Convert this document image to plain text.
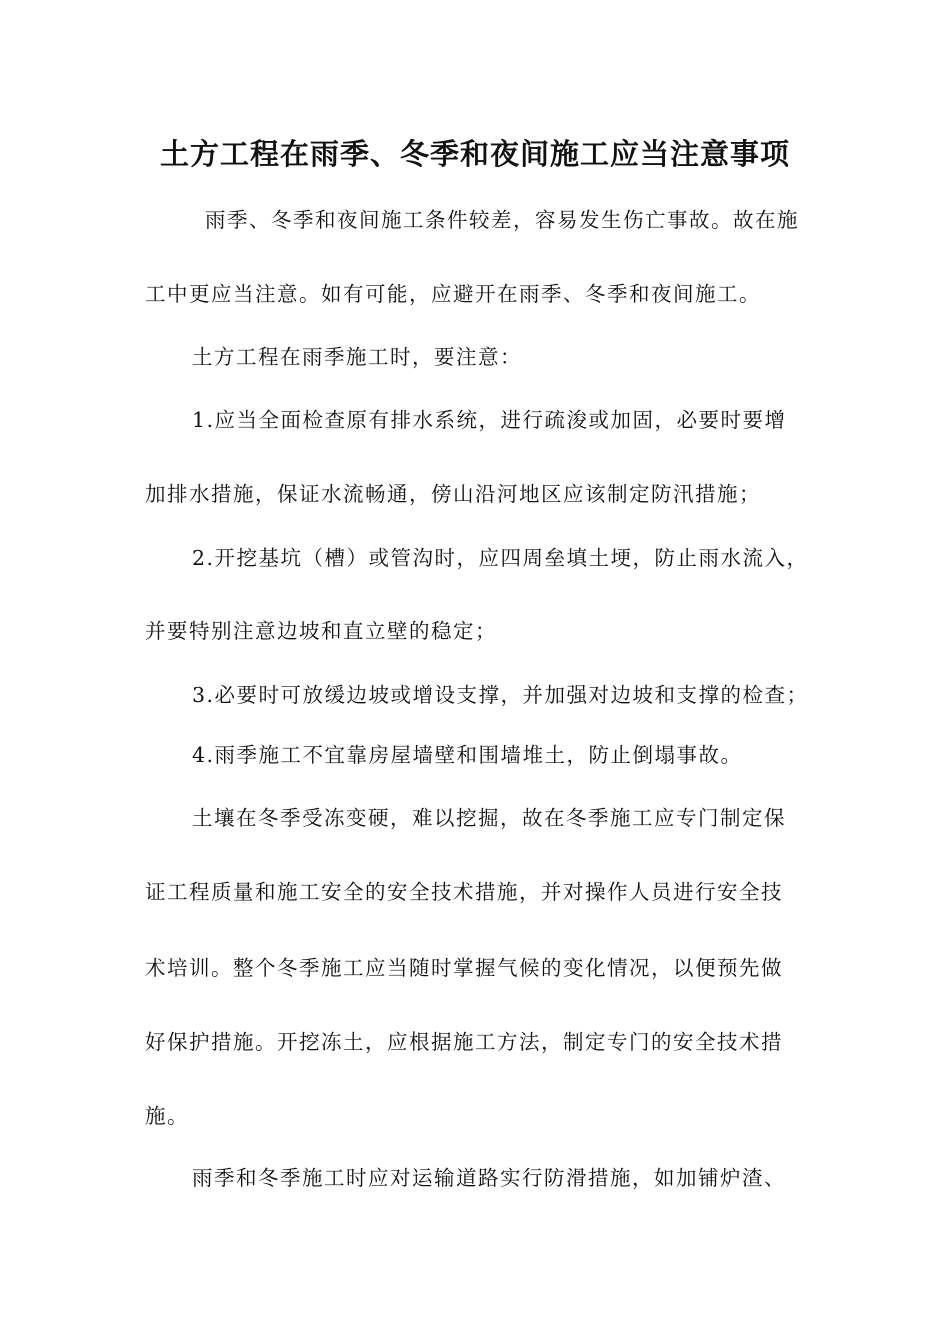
土方工程在雨季、冬季和夜间施工应当注意事项
雨季、冬季和夜间施工条件较差，容易发生伤亡事故。故在施
工中更应当注意。如有可能，应避开在雨季、冬季和夜间施工。
土方工程在雨季施工时，要注意：
1.应当全面检查原有排水系统，进行疏浚或加固，必要时要增
加排水措施，保证水流畅通，傍山沿河地区应该制定防汛措施；
2.开挖基坑（槽）或管沟时，应四周垒填土埂，防止雨水流入，
并要特别注意边坡和直立壁的稳定；
3.必要时可放缓边坡或增设支撑，并加强对边坡和支撑的检查；
4.雨季施工不宜靠房屋墙壁和围墙堆土，防止倒塌事故。
土壤在冬季受冻变硬，难以挖掘，故在冬季施工应专门制定保
证工程质量和施工安全的安全技术措施，并对操作人员进行安全技
术培训。整个冬季施工应当随时掌握气候的变化情况，以便预先做
好保护措施。开挖冻土，应根据施工方法，制定专门的安全技术措
施。
雨季和冬季施工时应对运输道路实行防滑措施，如加铺炉渣、
